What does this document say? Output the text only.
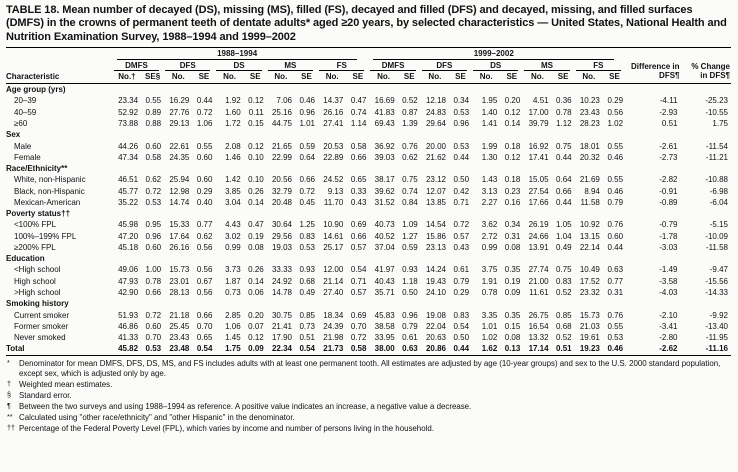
TABLE 18. Mean number of decayed (DS), missing (MS), filled (FS), decayed and filled (DFS) and decayed, missing, and filled surfaces (DMFS) in the crowns of permanent teeth of dentate adults* aged ≥20 years, by selected characteristics — United States, National Health and Nutrition Examination Survey, 1988–1994 and 1999–2002
Characteristic	1988–1994										1999–2002										Difference in DFS¶	% Change in DFS¶

	DMFS		DFS		DS		MS		FS		DMFS		DFS		DS		MS		FS			

	No.†	SE§	No.	SE	No.	SE	No.	SE	No.	SE	No.	SE	No.	SE	No.	SE	No.	SE	No.	SE		
Age group (yrs)																						
20–39	23.34	0.55	16.29	0.44	1.92	0.12	7.06	0.46	14.37	0.47	16.69	0.52	12.18	0.34	1.95	0.20	4.51	0.36	10.23	0.29	-4.11	-25.23
40–59	52.92	0.89	27.76	0.72	1.60	0.11	25.16	0.96	26.16	0.74	41.83	0.87	24.83	0.53	1.40	0.12	17.00	0.78	23.43	0.56	-2.93	-10.55
≥60	73.88	0.88	29.13	1.06	1.72	0.15	44.75	1.01	27.41	1.14	69.43	1.39	29.64	0.96	1.41	0.14	39.79	1.12	28.23	1.02	0.51	1.75
Sex																						
Male	44.26	0.60	22.61	0.55	2.08	0.12	21.65	0.59	20.53	0.58	36.92	0.76	20.00	0.53	1.99	0.18	16.92	0.75	18.01	0.55	-2.61	-11.54
Female	47.34	0.58	24.35	0.60	1.46	0.10	22.99	0.64	22.89	0.66	39.03	0.62	21.62	0.44	1.30	0.12	17.41	0.44	20.32	0.46	-2.73	-11.21
Race/Ethnicity**																						
White, non-Hispanic	46.51	0.62	25.94	0.60	1.42	0.10	20.56	0.66	24.52	0.65	38.17	0.75	23.12	0.50	1.43	0.18	15.05	0.64	21.69	0.55	-2.82	-10.88
Black, non-Hispanic	45.77	0.72	12.98	0.29	3.85	0.26	32.79	0.72	9.13	0.33	39.62	0.74	12.07	0.42	3.13	0.23	27.54	0.66	8.94	0.46	-0.91	-6.98
Mexican-American	35.22	0.53	14.74	0.40	3.04	0.14	20.48	0.45	11.70	0.43	31.52	0.84	13.85	0.71	2.27	0.16	17.66	0.44	11.58	0.79	-0.89	-6.04
Poverty status††																						
<100% FPL	45.98	0.95	15.33	0.77	4.43	0.47	30.64	1.25	10.90	0.69	40.73	1.09	14.54	0.72	3.62	0.34	26.19	1.05	10.92	0.76	-0.79	-5.15
100%–199% FPL	47.20	0.96	17.64	0.62	3.02	0.19	29.56	0.83	14.61	0.66	40.52	1.27	15.86	0.57	2.72	0.31	24.66	1.04	13.15	0.60	-1.78	-10.09
≥200% FPL	45.18	0.60	26.16	0.56	0.99	0.08	19.03	0.53	25.17	0.57	37.04	0.59	23.13	0.43	0.99	0.08	13.91	0.49	22.14	0.44	-3.03	-11.58
Education																						
<High school	49.06	1.00	15.73	0.56	3.73	0.26	33.33	0.93	12.00	0.54	41.97	0.93	14.24	0.61	3.75	0.35	27.74	0.75	10.49	0.63	-1.49	-9.47
High school	47.93	0.78	23.01	0.67	1.87	0.14	24.92	0.68	21.14	0.71	40.43	1.18	19.43	0.79	1.91	0.19	21.00	0.83	17.52	0.77	-3.58	-15.56
>High school	42.90	0.66	28.13	0.56	0.73	0.06	14.78	0.49	27.40	0.57	35.71	0.50	24.10	0.29	0.78	0.09	11.61	0.52	23.32	0.31	-4.03	-14.33
Smoking history																						
Current smoker	51.93	0.72	21.18	0.66	2.85	0.20	30.75	0.85	18.34	0.69	45.83	0.96	19.08	0.83	3.35	0.35	26.75	0.85	15.73	0.76	-2.10	-9.92
Former smoker	46.86	0.60	25.45	0.70	1.06	0.07	21.41	0.73	24.39	0.70	38.58	0.79	22.04	0.54	1.01	0.15	16.54	0.68	21.03	0.55	-3.41	-13.40
Never smoked	41.33	0.70	23.43	0.65	1.45	0.12	17.90	0.51	21.98	0.72	33.95	0.61	20.63	0.50	1.02	0.08	13.32	0.52	19.61	0.53	-2.80	-11.95
Total	45.82	0.53	23.48	0.54	1.75	0.09	22.34	0.54	21.73	0.58	38.00	0.63	20.86	0.44	1.62	0.13	17.14	0.51	19.23	0.46	-2.62	-11.16
* Denominator for mean DMFS, DFS, DS, MS, and FS includes adults with at least one permanent tooth. All estimates are adjusted by age (10-year groups) and sex to the U.S. 2000 standard population, except sex, which is adjusted only by age.
† Weighted mean estimates.
§ Standard error.
¶ Between the two surveys and using 1988–1994 as reference. A positive value indicates an increase, a negative value a decrease.
** Calculated using "other race/ethnicity" and "other Hispanic" in the denominator.
†† Percentage of the Federal Poverty Level (FPL), which varies by income and number of persons living in the household.
